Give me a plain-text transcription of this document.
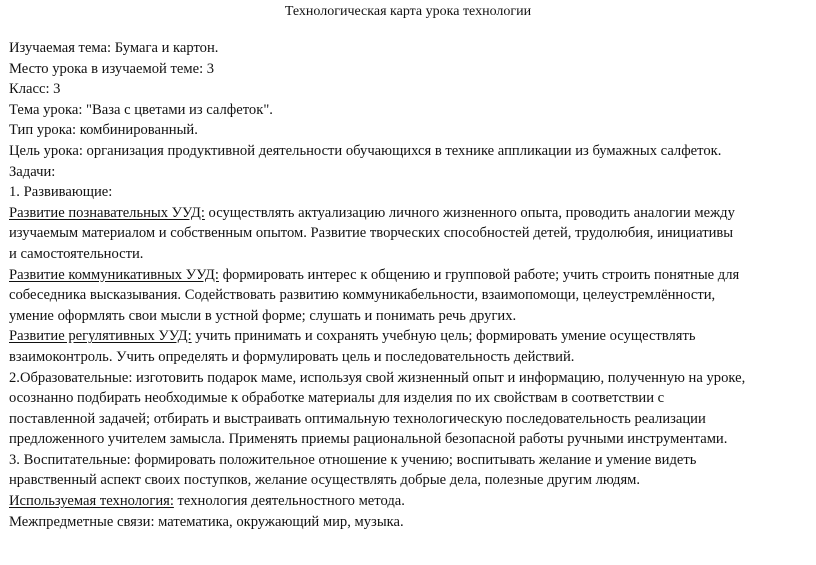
Технологическая карта урока технологии
Изучаемая тема: Бумага и картон.
Место урока в изучаемой теме: 3
Класс: 3
Тема урока: "Ваза с цветами из салфеток".
Тип урока: комбинированный.
Цель урока: организация продуктивной деятельности обучающихся в технике аппликации из бумажных салфеток.
Задачи:
1. Развивающие:
Развитие познавательных УУД: осуществлять актуализацию личного жизненного опыта, проводить аналогии между
изучаемым материалом и собственным опытом. Развитие творческих способностей детей, трудолюбия, инициативы
и самостоятельности.
Развитие коммуникативных УУД: формировать интерес к общению и групповой работе; учить строить понятные для
собеседника высказывания. Содействовать развитию коммуникабельности, взаимопомощи, целеустремлённости,
умение оформлять свои мысли в устной форме; слушать и понимать речь других.
Развитие регулятивных УУД: учить принимать и сохранять учебную цель; формировать умение осуществлять
взаимоконтроль. Учить определять и формулировать цель и последовательность действий.
2.Образовательные: изготовить подарок маме, используя свой жизненный опыт и информацию, полученную на уроке,
осознанно подбирать необходимые к обработке материалы для изделия по их свойствам в соответствии с
поставленной задачей; отбирать и выстраивать оптимальную технологическую последовательность реализации
предложенного учителем замысла. Применять приемы рациональной безопасной работы ручными инструментами.
3. Воспитательные: формировать положительное отношение к учению; воспитывать желание и умение видеть
нравственный аспект своих поступков, желание осуществлять добрые дела, полезные другим людям.
Используемая технология: технология деятельностного метода.
Межпредметные связи: математика, окружающий мир, музыка.
